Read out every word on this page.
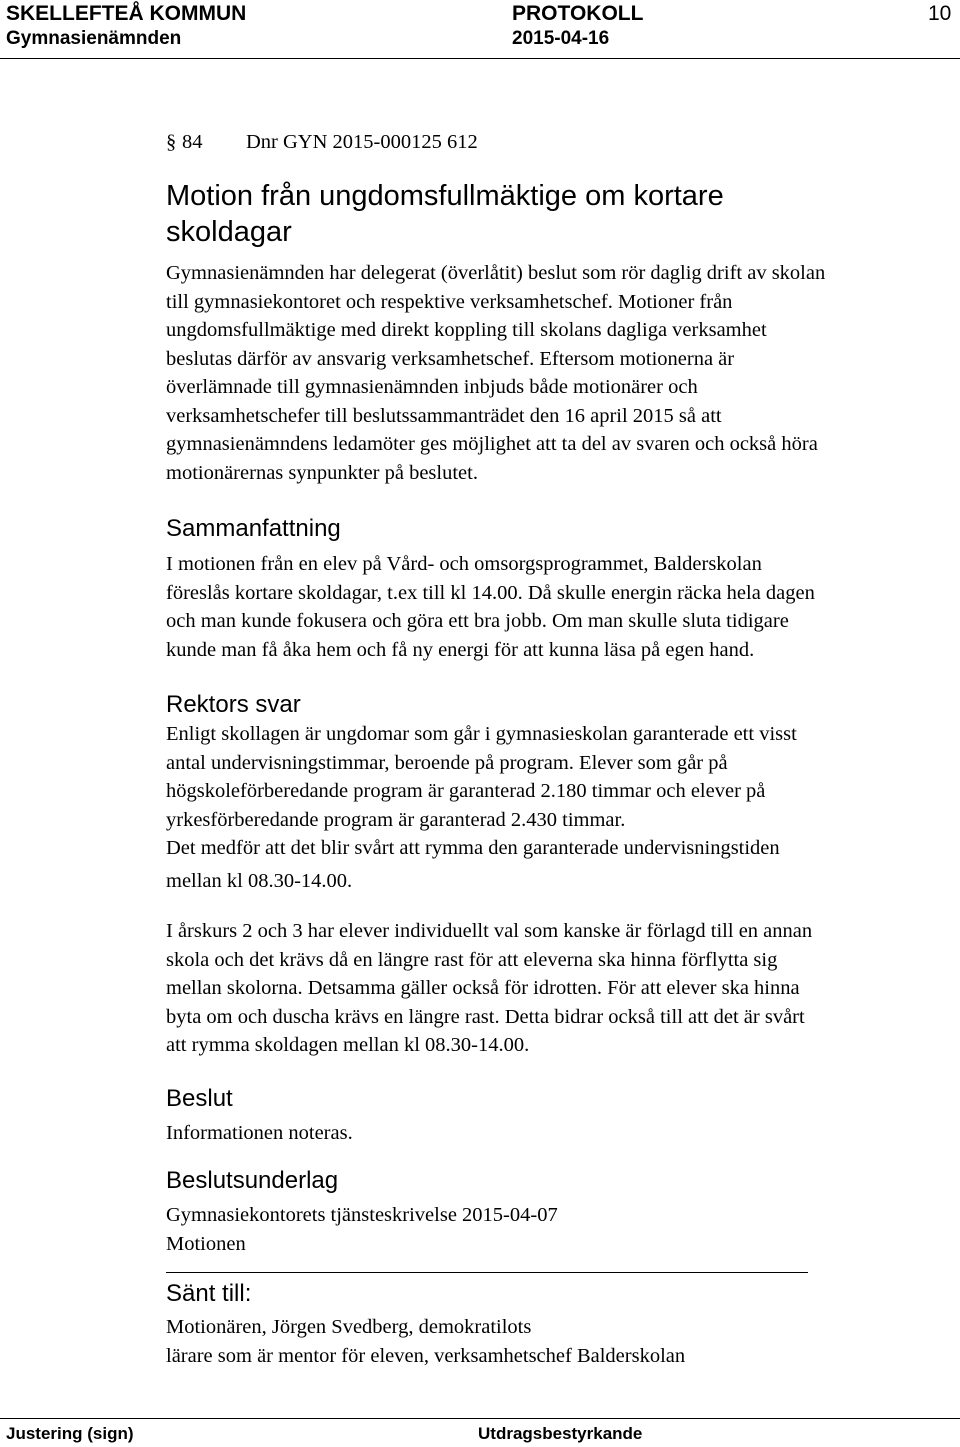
SKELLEFTEÅ KOMMUN	PROTOKOLL	10
Gymnasienämnden	2015-04-16
§ 84 Dnr GYN 2015-000125 612
Motion från ungdomsfullmäktige om kortare
skoldagar
Gymnasienämnden har delegerat (överlåtit) beslut som rör daglig drift av skolan
till gymnasiekontoret och respektive verksamhetschef. Motioner från
ungdomsfullmäktige med direkt koppling till skolans dagliga verksamhet
beslutas därför av ansvarig verksamhetschef. Eftersom motionerna är
överlämnade till gymnasienämnden inbjuds både motionärer och
verksamhetschefer till beslutssammanträdet den 16 april 2015 så att
gymnasienämndens ledamöter ges möjlighet att ta del av svaren och också höra
motionärernas synpunkter på beslutet.
Sammanfattning
I motionen från en elev på Vård- och omsorgsprogrammet, Balderskolan
föreslås kortare skoldagar, t.ex till kl 14.00. Då skulle energin räcka hela dagen
och man kunde fokusera och göra ett bra jobb. Om man skulle sluta tidigare
kunde man få åka hem och få ny energi för att kunna läsa på egen hand.
Rektors svar
Enligt skollagen är ungdomar som går i gymnasieskolan garanterade ett visst
antal undervisningstimmar, beroende på program. Elever som går på
högskoleförberedande program är garanterad 2.180 timmar och elever på
yrkesförberedande program är garanterad 2.430 timmar.
Det medför att det blir svårt att rymma den garanterade undervisningstiden
mellan kl 08.30-14.00.
I årskurs 2 och 3 har elever individuellt val som kanske är förlagd till en annan
skola och det krävs då en längre rast för att eleverna ska hinna förflytta sig
mellan skolorna. Detsamma gäller också för idrotten. För att elever ska hinna
byta om och duscha krävs en längre rast. Detta bidrar också till att det är svårt
att rymma skoldagen mellan kl 08.30-14.00.
Beslut
Informationen noteras.
Beslutsunderlag
Gymnasiekontorets tjänsteskrivelse 2015-04-07
Motionen
Sänt till:
Motionären, Jörgen Svedberg, demokratilots
lärare som är mentor för eleven, verksamhetschef Balderskolan
Justering (sign)	Utdragsbestyrkande
